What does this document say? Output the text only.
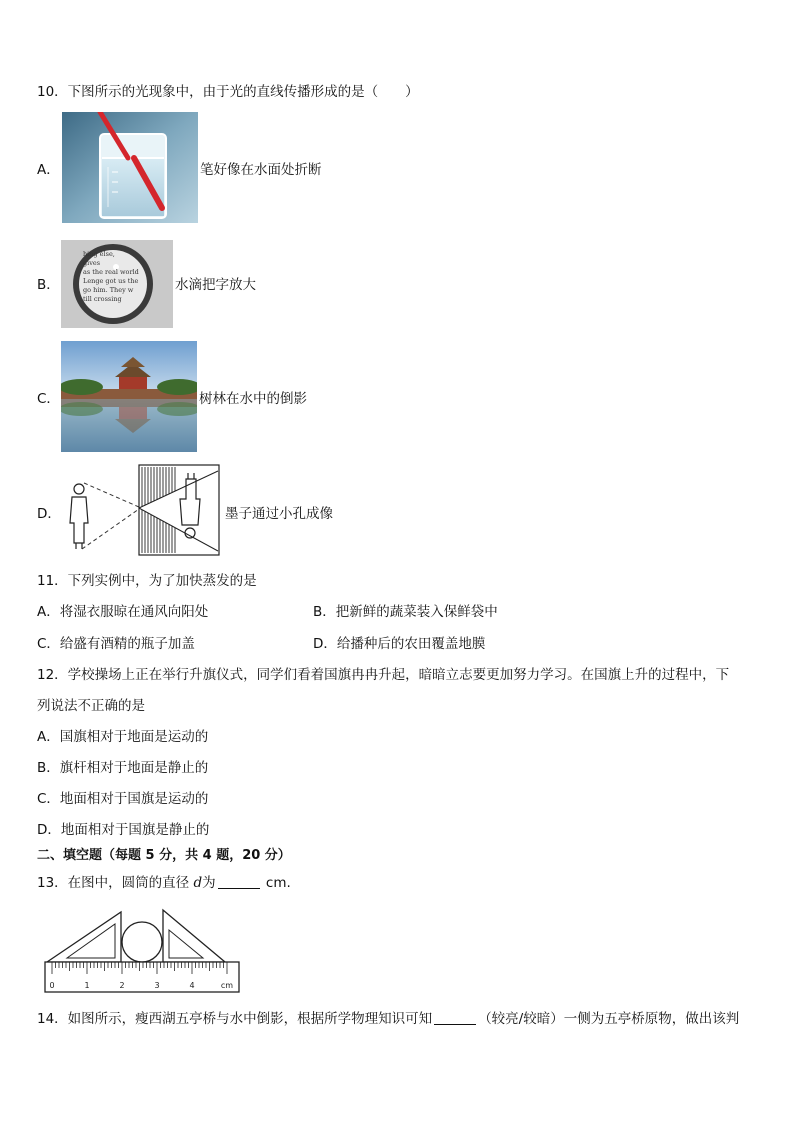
10．下图所示的光现象中，由于光的直线传播形成的是（　　）
A．	笔好像在水面处折断
B．
hing else,
gives
as the real world
Lenge got us the
go him. They w
till crossing
水滴把字放大
C．	树林在水中的倒影
D．	墨子通过小孔成像
11．下列实例中，为了加快蒸发的是
A．将湿衣服晾在通风向阳处	B．把新鲜的蔬菜装入保鲜袋中
C．给盛有酒精的瓶子加盖	D．给播种后的农田覆盖地膜
12．学校操场上正在举行升旗仪式，同学们看着国旗冉冉升起，暗暗立志要更加努力学习。在国旗上升的过程中，下
列说法不正确的是
A．国旗相对于地面是运动的
B．旗杆相对于地面是静止的
C．地面相对于国旗是运动的
D．地面相对于国旗是静止的
二、填空题（每题 5 分，共 4 题，20 分）
13．在图中，圆筒的直径 d为	cm.
0	1	2	3	4	cm
14．如图所示，瘦西湖五亭桥与水中倒影，根据所学物理知识可知	（较亮/较暗）一侧为五亭桥原物，做出该判
